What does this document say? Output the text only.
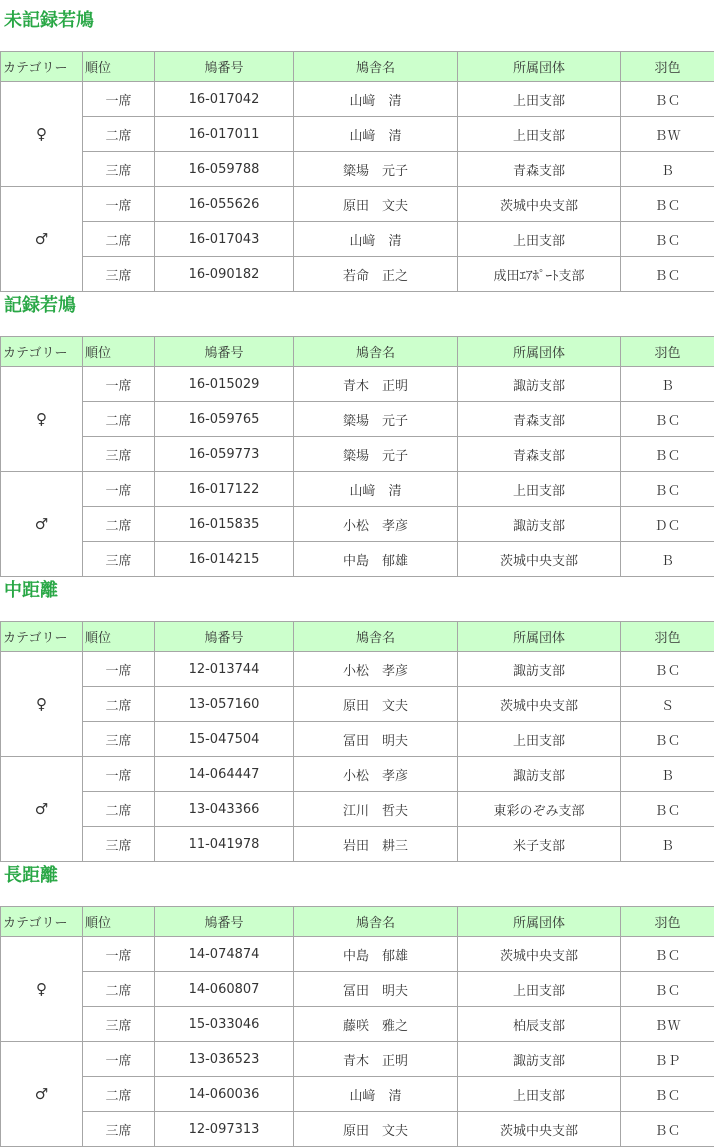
未記録若鳩
カテゴリー	順位	鳩番号	鳩舎名	所属団体	羽色
♀	一席	16-017042	山﨑　清	上田支部	ＢＣ
	二席	16-017011	山﨑　清	上田支部	ＢＷ
	三席	16-059788	簗場　元子	青森支部	Ｂ
♂	一席	16-055626	原田　文夫	茨城中央支部	ＢＣ
	二席	16-017043	山﨑　清	上田支部	ＢＣ
	三席	16-090182	若命　正之	成田ｴｱﾎﾟｰﾄ支部	ＢＣ
記録若鳩
カテゴリー	順位	鳩番号	鳩舎名	所属団体	羽色
♀	一席	16-015029	青木　正明	諏訪支部	Ｂ
	二席	16-059765	簗場　元子	青森支部	ＢＣ
	三席	16-059773	簗場　元子	青森支部	ＢＣ
♂	一席	16-017122	山﨑　清	上田支部	ＢＣ
	二席	16-015835	小松　孝彦	諏訪支部	ＤＣ
	三席	16-014215	中島　郁雄	茨城中央支部	Ｂ
中距離
カテゴリー	順位	鳩番号	鳩舎名	所属団体	羽色
♀	一席	12-013744	小松　孝彦	諏訪支部	ＢＣ
	二席	13-057160	原田　文夫	茨城中央支部	Ｓ
	三席	15-047504	冨田　明夫	上田支部	ＢＣ
♂	一席	14-064447	小松　孝彦	諏訪支部	Ｂ
	二席	13-043366	江川　哲夫	東彩のぞみ支部	ＢＣ
	三席	11-041978	岩田　耕三	米子支部	Ｂ
長距離
カテゴリー	順位	鳩番号	鳩舎名	所属団体	羽色
♀	一席	14-074874	中島　郁雄	茨城中央支部	ＢＣ
	二席	14-060807	冨田　明夫	上田支部	ＢＣ
	三席	15-033046	藤咲　雅之	柏辰支部	ＢＷ
♂	一席	13-036523	青木　正明	諏訪支部	ＢＰ
	二席	14-060036	山﨑　清	上田支部	ＢＣ
	三席	12-097313	原田　文夫	茨城中央支部	ＢＣ
